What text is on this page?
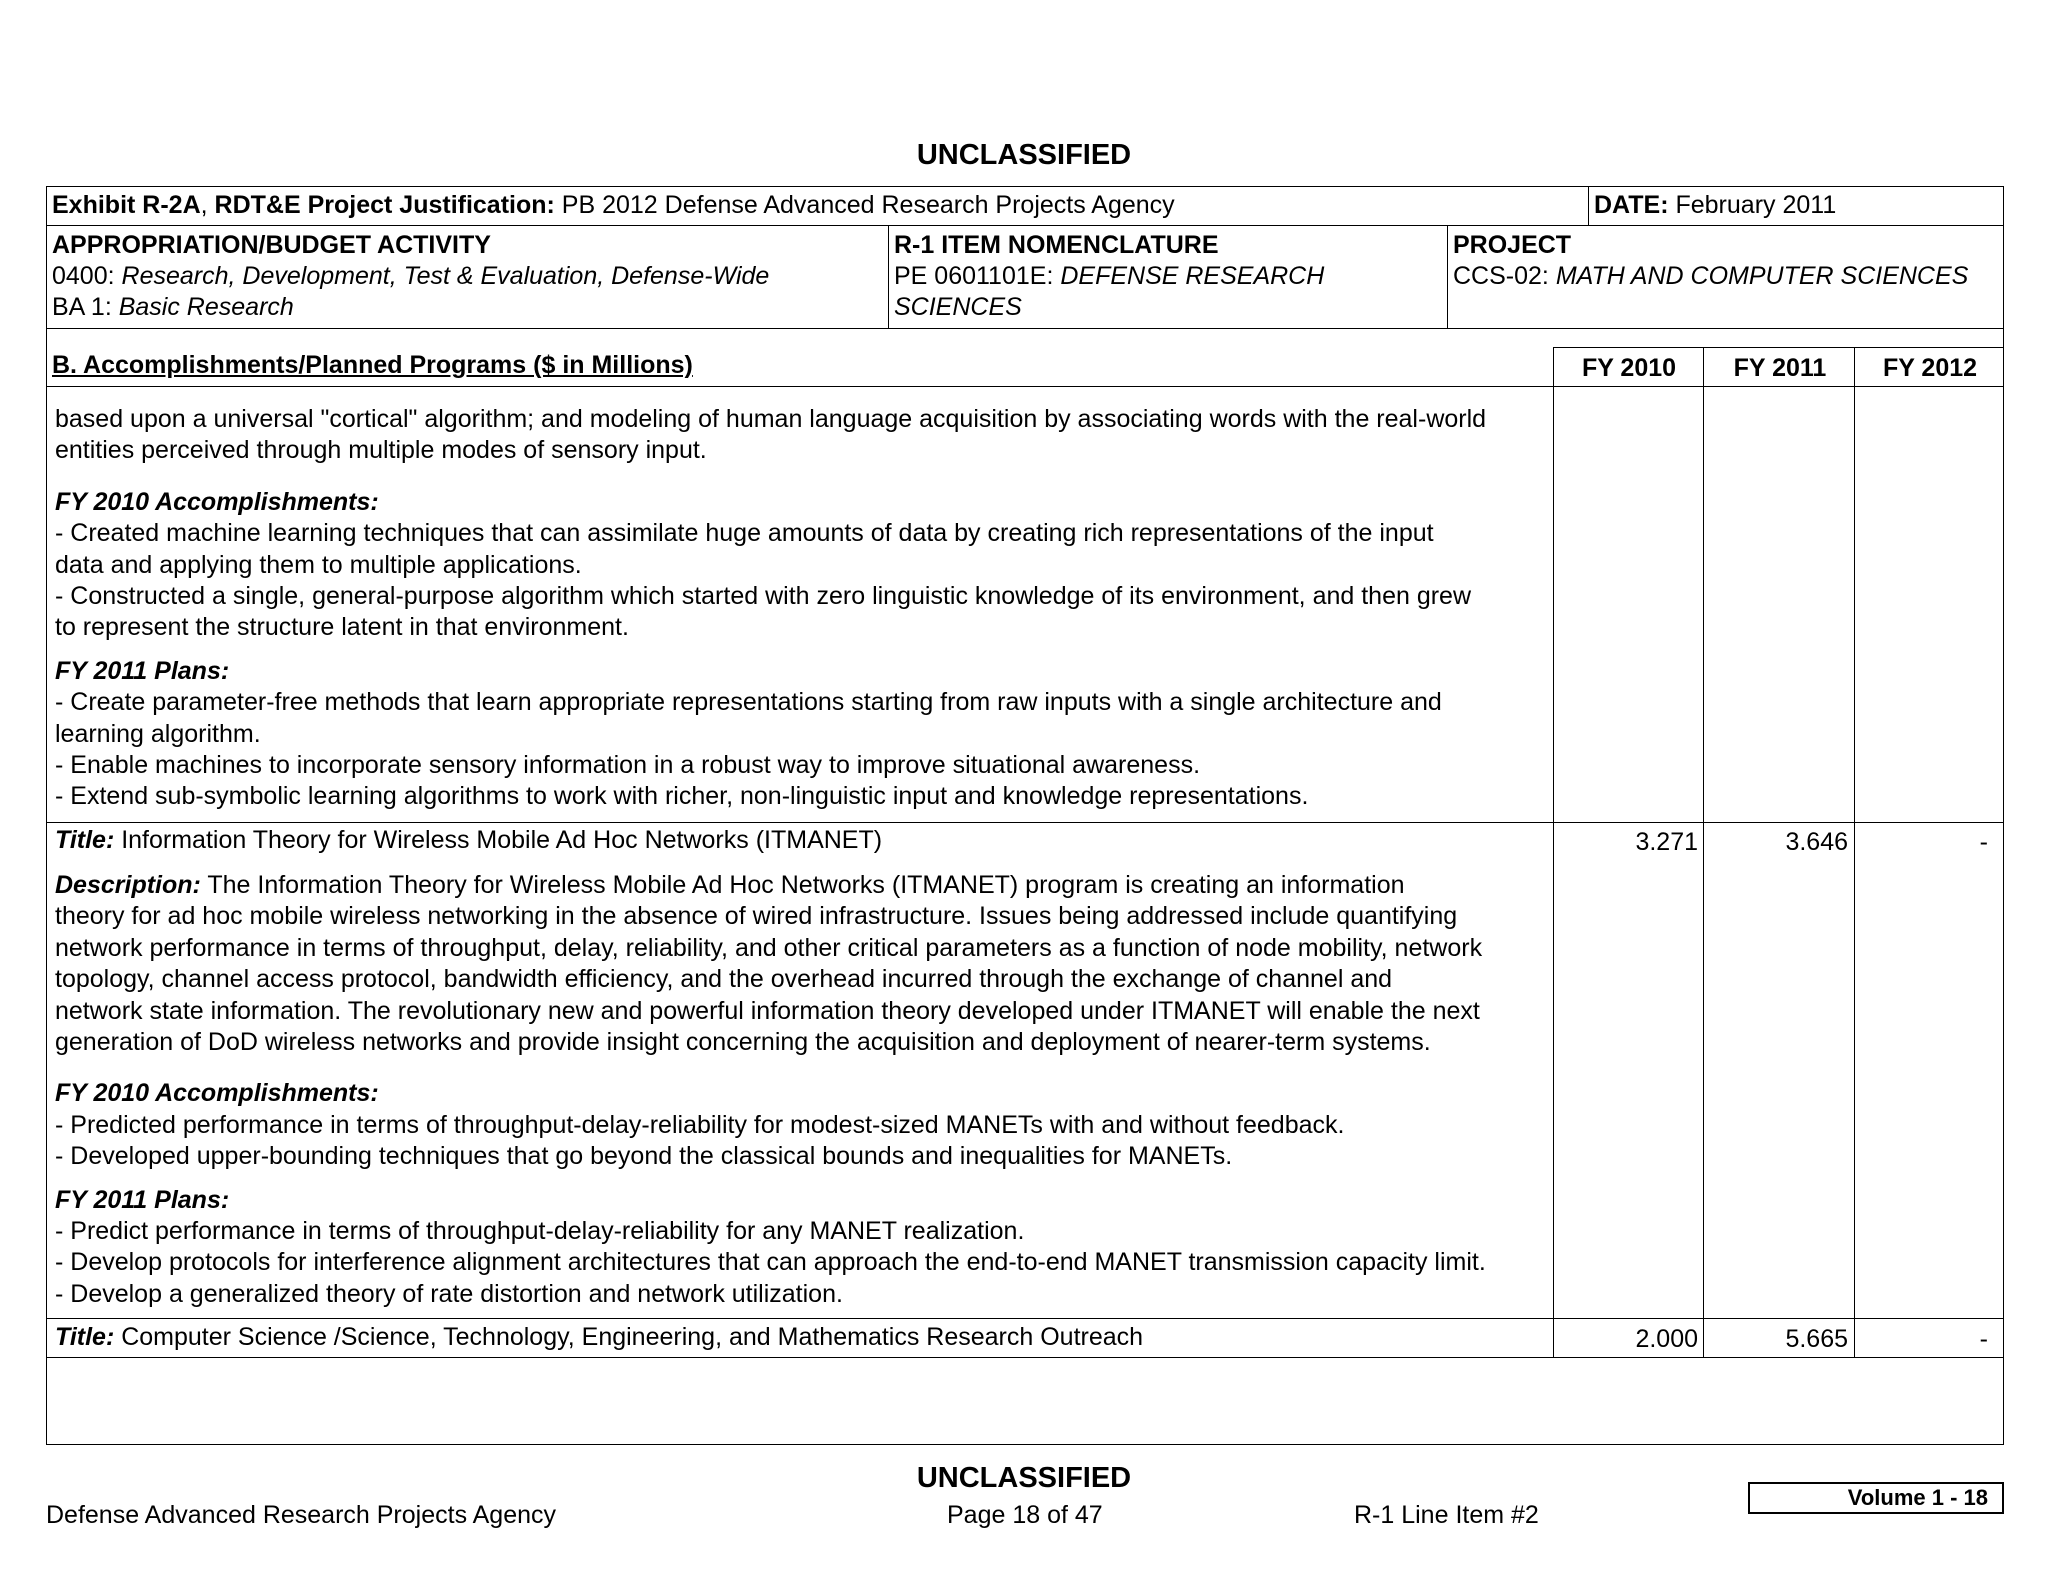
UNCLASSIFIED
Exhibit R-2A, RDT&E Project Justification: PB 2012 Defense Advanced Research Projects Agency	DATE: February 2011
APPROPRIATION/BUDGET ACTIVITY
0400: Research, Development, Test & Evaluation, Defense-Wide
BA 1: Basic Research
R-1 ITEM NOMENCLATURE
PE 0601101E: DEFENSE RESEARCH
SCIENCES
PROJECT
CCS-02: MATH AND COMPUTER SCIENCES
B. Accomplishments/Planned Programs ($ in Millions)	FY 2010	FY 2011	FY 2012

based upon a universal "cortical" algorithm; and modeling of human language acquisition by associating words with the real-world

entities perceived through multiple modes of sensory input.

FY 2010 Accomplishments:

- Created machine learning techniques that can assimilate huge amounts of data by creating rich representations of the input

data and applying them to multiple applications.

- Constructed a single, general-purpose algorithm which started with zero linguistic knowledge of its environment, and then grew

to represent the structure latent in that environment.

FY 2011 Plans:

- Create parameter-free methods that learn appropriate representations starting from raw inputs with a single architecture and

learning algorithm.

- Enable machines to incorporate sensory information in a robust way to improve situational awareness.

- Extend sub-symbolic learning algorithms to work with richer, non-linguistic input and knowledge representations.

Title: Information Theory for Wireless Mobile Ad Hoc Networks (ITMANET)	3.271	3.646	-

Description: The Information Theory for Wireless Mobile Ad Hoc Networks (ITMANET) program is creating an information

theory for ad hoc mobile wireless networking in the absence of wired infrastructure. Issues being addressed include quantifying

network performance in terms of throughput, delay, reliability, and other critical parameters as a function of node mobility, network

topology, channel access protocol, bandwidth efficiency, and the overhead incurred through the exchange of channel and

network state information. The revolutionary new and powerful information theory developed under ITMANET will enable the next

generation of DoD wireless networks and provide insight concerning the acquisition and deployment of nearer-term systems.

FY 2010 Accomplishments:

- Predicted performance in terms of throughput-delay-reliability for modest-sized MANETs with and without feedback.

- Developed upper-bounding techniques that go beyond the classical bounds and inequalities for MANETs.

FY 2011 Plans:

- Predict performance in terms of throughput-delay-reliability for any MANET realization.

- Develop protocols for interference alignment architectures that can approach the end-to-end MANET transmission capacity limit.

- Develop a generalized theory of rate distortion and network utilization.

Title: Computer Science /Science, Technology, Engineering, and Mathematics Research Outreach	2.000	5.665	-
UNCLASSIFIED
Defense Advanced Research Projects Agency	Page 18 of 47	R-1 Line Item #2
Volume 1 - 18
